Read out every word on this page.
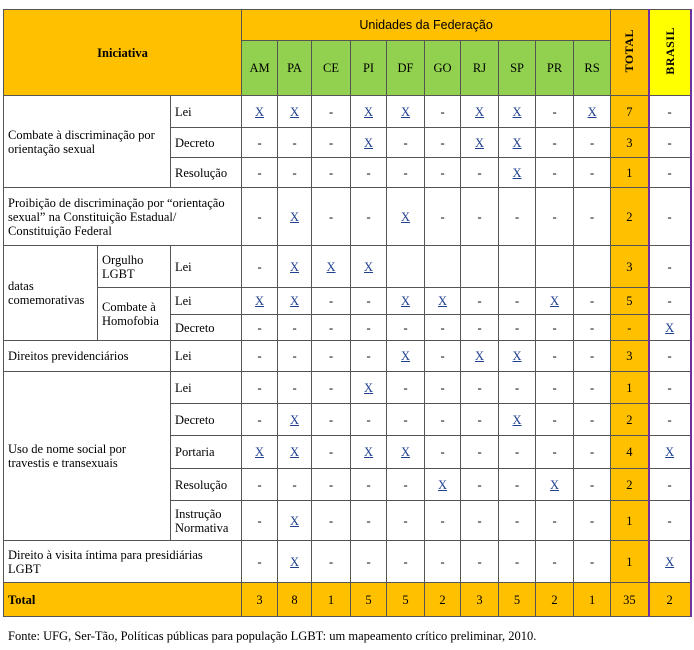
Iniciativa			Unidades da Federação										TOTAL	BRASIL
			AM	PA	CE	PI	DF	GO	RJ	SP	PR	RS		
Combate à discriminação por orientação sexual		Lei	X	X	-	X	X	-	X	X	-	X	7	-
		Decreto	-	-	-	X	-	-	X	X	-	-	3	-
		Resolução	-	-	-	-	-	-	-	X	-	-	1	-
Proibição de discriminação por “orientação sexual” na Constituição Estadual/ Constituição Federal			-	X	-	-	X	-	-	-	-	-	2	-
datas comemorativas	Orgulho LGBT	Lei	-	X	X	X							3	-
	Combate à Homofobia	Lei	X	X	-	-	X	X	-	-	X	-	5	-
		Decreto	-	-	-	-	-	-	-	-	-	-	-	X
Direitos previdenciários		Lei	-	-	-	-	X	-	X	X	-	-	3	-
Uso de nome social por travestis e transexuais		Lei	-	-	-	X	-	-	-	-	-	-	1	-
		Decreto	-	X	-	-	-	-	-	X	-	-	2	-
		Portaria	X	X	-	X	X	-	-	-	-	-	4	X
		Resolução	-	-	-	-	-	X	-	-	X	-	2	-
		Instrução Normativa	-	X	-	-	-	-	-	-	-	-	1	-
Direito à visita íntima para presidiárias LGBT			-	X	-	-	-	-	-	-	-	-	1	X
Total			3	8	1	5	5	2	3	5	2	1	35	2
Fonte: UFG, Ser-Tão, Políticas públicas para população LGBT: um mapeamento crítico preliminar, 2010.
